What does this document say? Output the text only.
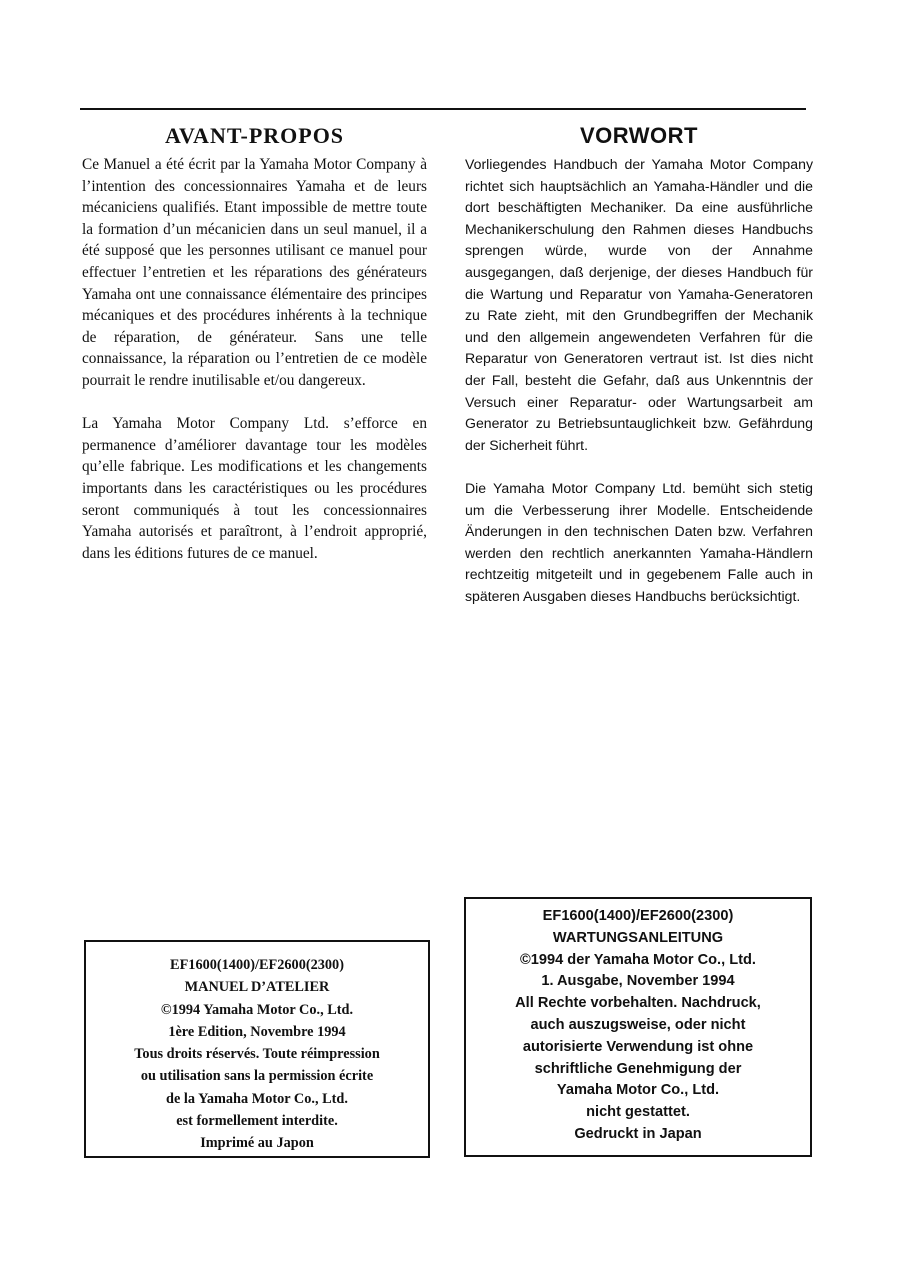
AVANT-PROPOS

Ce Manuel a été écrit par la Yamaha Motor Company à l’intention des concessionnaires Yamaha et de leurs mécaniciens qualifiés. Etant impossible de mettre toute la formation d’un mécanicien dans un seul manuel, il a été supposé que les personnes utilisant ce manuel pour effectuer l’entretien et les réparations des générateurs Yamaha ont une connaissance élémentaire des principes mécaniques et des procédures inhérents à la technique de réparation, de générateur. Sans une telle connaissance, la réparation ou l’entretien de ce modèle pourrait le rendre inutilisable et/ou dangereux.

La Yamaha Motor Company Ltd. s’efforce en permanence d’améliorer davantage tour les modèles qu’elle fabrique. Les modifications et les changements importants dans les caractéristiques ou les procédures seront communiqués à tout les concessionnaires Yamaha autorisés et paraîtront, à l’endroit approprié, dans les éditions futures de ce manuel.

VORWORT

Vorliegendes Handbuch der Yamaha Motor Company richtet sich hauptsächlich an Yamaha-Händler und die dort beschäftigten Mechaniker. Da eine ausführliche Mechanikerschulung den Rahmen dieses Handbuchs sprengen würde, wurde von der Annahme ausgegangen, daß derjenige, der dieses Handbuch für die Wartung und Reparatur von Yamaha-Generatoren zu Rate zieht, mit den Grundbegriffen der Mechanik und den allgemein angewendeten Verfahren für die Reparatur von Generatoren vertraut ist. Ist dies nicht der Fall, besteht die Gefahr, daß aus Unkenntnis der Versuch einer Reparatur- oder Wartungsarbeit am Generator zu Betriebsuntauglichkeit bzw. Gefährdung der Sicherheit führt.

Die Yamaha Motor Company Ltd. bemüht sich stetig um die Verbesserung ihrer Modelle. Entscheidende Änderungen in den technischen Daten bzw. Verfahren werden den rechtlich anerkannten Yamaha-Händlern rechtzeitig mitgeteilt und in gegebenem Falle auch in späteren Ausgaben dieses Handbuchs berücksichtigt.

EF1600(1400)/EF2600(2300)
MANUEL D’ATELIER
©1994 Yamaha Motor Co., Ltd.
1ère Edition, Novembre 1994
Tous droits réservés. Toute réimpression
ou utilisation sans la permission écrite
de la Yamaha Motor Co., Ltd.
est formellement interdite.
Imprimé au Japon
EF1600(1400)/EF2600(2300)
WARTUNGSANLEITUNG
©1994 der Yamaha Motor Co., Ltd.
1. Ausgabe, November 1994
All Rechte vorbehalten. Nachdruck,
auch auszugsweise, oder nicht
autorisierte Verwendung ist ohne
schriftliche Genehmigung der
Yamaha Motor Co., Ltd.
nicht gestattet.
Gedruckt in Japan
